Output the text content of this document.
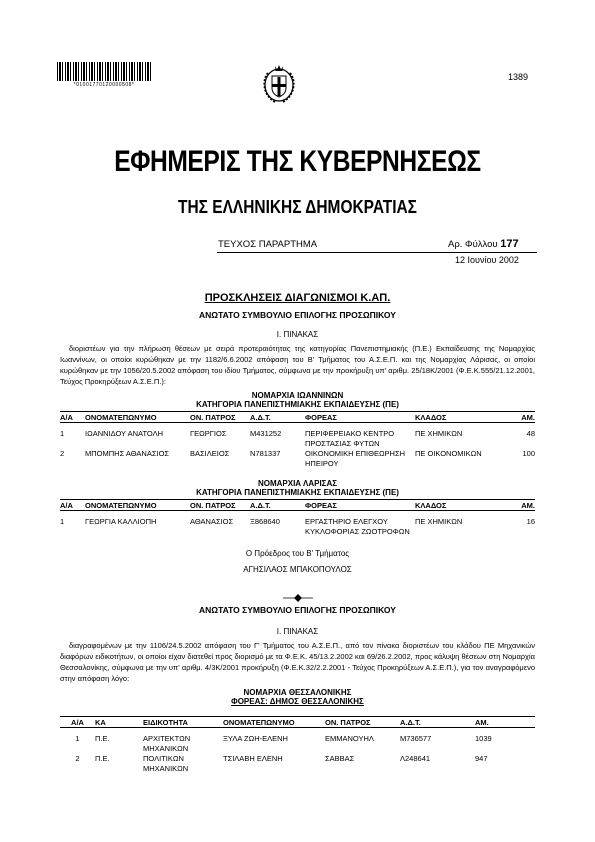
*01001770120000508*
1389
ΕΦΗΜΕΡΙΣ ΤΗΣ ΚΥΒΕΡΝΗΣΕΩΣ
ΤΗΣ ΕΛΛΗΝΙΚΗΣ ΔΗΜΟΚΡΑΤΙΑΣ
ΤΕΥΧΟΣ ΠΑΡΑΡΤΗΜΑ	Αρ. Φύλλου 177
12 Ιουνίου 2002
ΠΡΟΣΚΛΗΣΕΙΣ ΔΙΑΓΩΝΙΣΜΟΙ Κ.ΑΠ.
ΑΝΩΤΑΤΟ ΣΥΜΒΟΥΛΙΟ ΕΠΙΛΟΓΗΣ ΠΡΟΣΩΠΙΚΟΥ
Ι. ΠΙΝΑΚΑΣ
διοριστέων για την πλήρωση θέσεων με σειρά προτεραιότητας της κατηγορίας Πανεπιστημιακής (Π.Ε.) Εκπαίδευσης της Νομαρχίας Ιωαννίνων, οι οποίοι κυρώθηκαν με την 1182/6.6.2002 απόφαση του Β' Τμήματος του Α.Σ.Ε.Π. και της Νομαρχίας Λάρισας, οι οποίοι κυρώθηκαν με την 1056/20.5.2002 απόφαση του ιδίου Τμήματος, σύμφωνα με την προκήρυξη υπ' αριθμ. 25/18Κ/2001 (Φ.Ε.Κ.555/21.12.2001, Τεύχος Προκηρύξεων Α.Σ.Ε.Π.):
ΝΟΜΑΡΧΙΑ ΙΩΑΝΝΙΝΩΝ
ΚΑΤΗΓΟΡΙΑ ΠΑΝΕΠΙΣΤΗΜΙΑΚΗΣ ΕΚΠΑΙΔΕΥΣΗΣ (ΠΕ)
Α/Α	ΟΝΟΜΑΤΕΠΩΝΥΜΟ	ΟΝ. ΠΑΤΡΟΣ	Α.Δ.Τ.	ΦΟΡΕΑΣ	ΚΛΑΔΟΣ	ΑΜ.

1	ΙΩΑΝΝΙΔΟΥ ΑΝΑΤΟΛΗ	ΓΕΩΡΓΙΟΣ	Μ431252	ΠΕΡΙΦΕΡΕΙΑΚΟ ΚΕΝΤΡΟ ΠΡΟΣΤΑΣΙΑΣ ΦΥΤΩΝ	ΠΕ ΧΗΜΙΚΩΝ	48
2	ΜΠΟΜΠΗΣ ΑΘΑΝΑΣΙΟΣ	ΒΑΣΙΛΕΙΟΣ	Ν781337	ΟΙΚΟΝΟΜΙΚΗ ΕΠΙΘΕΩΡΗΣΗ ΗΠΕΙΡΟΥ	ΠΕ ΟΙΚΟΝΟΜΙΚΩΝ	100
ΝΟΜΑΡΧΙΑ ΛΑΡΙΣΑΣ
ΚΑΤΗΓΟΡΙΑ ΠΑΝΕΠΙΣΤΗΜΙΑΚΗΣ ΕΚΠΑΙΔΕΥΣΗΣ (ΠΕ)
Α/Α	ΟΝΟΜΑΤΕΠΩΝΥΜΟ	ΟΝ. ΠΑΤΡΟΣ	Α.Δ.Τ.	ΦΟΡΕΑΣ	ΚΛΑΔΟΣ	ΑΜ.

1	ΓΕΩΡΓΙΑ ΚΑΛΛΙΟΠΗ	ΑΘΑΝΑΣΙΟΣ	Ξ868640	ΕΡΓΑΣΤΗΡΙΟ ΕΛΕΓΧΟΥ ΚΥΚΛΟΦΟΡΙΑΣ ΖΩΟΤΡΟΦΩΝ	ΠΕ ΧΗΜΙΚΩΝ	16
Ο Πρόεδρος του Β' Τμήματος
ΑΓΗΣΙΛΑΟΣ ΜΠΑΚΟΠΟΥΛΟΣ
ΑΝΩΤΑΤΟ ΣΥΜΒΟΥΛΙΟ ΕΠΙΛΟΓΗΣ ΠΡΟΣΩΠΙΚΟΥ
Ι. ΠΙΝΑΚΑΣ
διαγραφομένων με την 1106/24.5.2002 απόφαση του Γ' Τμήματος του Α.Σ.Ε.Π., από τον πίνακα διοριστέων του κλάδου ΠΕ Μηχανικών διαφόρων ειδικοτήτων, οι οποίοι είχαν διατεθεί προς διορισμό με τα Φ.Ε.Κ. 45/13.2.2002 και 69/26.2.2002, προς κάλυψη θέσεων στη Νομαρχία Θεσσαλονίκης, σύμφωνα με την υπ' αριθμ. 4/3Κ/2001 προκήρυξη (Φ.Ε.Κ.32/2.2.2001 - Τεύχος Προκηρύξεων Α.Σ.Ε.Π.), για τον αναγραφόμενο στην απόφαση λόγο:
ΝΟΜΑΡΧΙΑ ΘΕΣΣΑΛΟΝΙΚΗΣ
ΦΟΡΕΑΣ: ΔΗΜΟΣ ΘΕΣΣΑΛΟΝΙΚΗΣ
Α/Α	ΚΑ	ΕΙΔΙΚΟΤΗΤΑ	ΟΝΟΜΑΤΕΠΩΝΥΜΟ	ΟΝ. ΠΑΤΡΟΣ	Α.Δ.Τ.	ΑΜ.

1	Π.Ε.	ΑΡΧΙΤΕΚΤΩΝ ΜΗΧΑΝΙΚΩΝ	ΞΥΛΑ ΖΩΗ-ΕΛΕΝΗ	ΕΜΜΑΝΟΥΗΛ	Μ736577	1039
2	Π.Ε.	ΠΟΛΙΤΙΚΩΝ ΜΗΧΑΝΙΚΩΝ	ΤΣΙΛΑΒΗ ΕΛΕΝΗ	ΣΑΒΒΑΣ	Λ248641	947
